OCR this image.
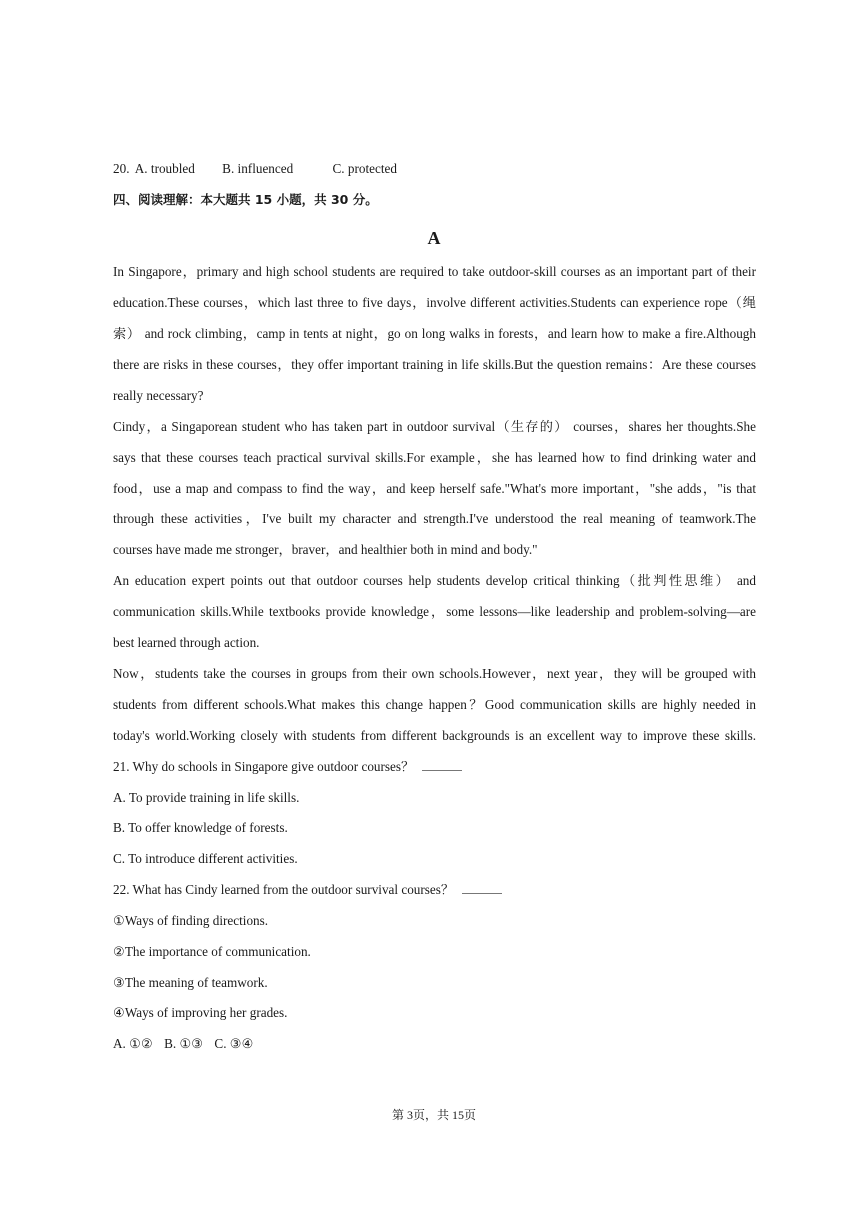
20. A. troubled B. influenced	C. protected
四、阅读理解：本大题共 15 小题，共 30 分。
A
In Singapore，primary and high school students are required to take outdoor-skill courses as an important part of their
education.These courses，which last three to five days，involve different activities.Students can experience rope（绳
索） and rock climbing，camp in tents at night，go on long walks in forests，and learn how to make a fire.Although
there are risks in these courses，they offer important training in life skills.But the question remains：Are these courses
really necessary?
Cindy，a Singaporean student who has taken part in outdoor survival（生存的） courses，shares her thoughts.She
says that these courses teach practical survival skills.For example，she has learned how to find drinking water and
food，use a map and compass to find the way，and keep herself safe."What's more important，"she adds，"is that
through these activities，I've built my character and strength.I've understood the real meaning of teamwork.The
courses have made me stronger，braver，and healthier both in mind and body."
An education expert points out that outdoor courses help students develop critical thinking（批判性思维） and
communication skills.While textbooks provide knowledge，some lessons—like leadership and problem-solving—are
best learned through action.
Now，students take the courses in groups from their own schools.However，next year，they will be grouped with
students from different schools.What makes this change happen？Good communication skills are highly needed in
today's world.Working closely with students from different backgrounds is an excellent way to improve these skills.
21. Why do schools in Singapore give outdoor courses？
A. To provide training in life skills.
B. To offer knowledge of forests.
C. To introduce different activities.
22. What has Cindy learned from the outdoor survival courses？
①Ways of finding directions.
②The importance of communication.
③The meaning of teamwork.
④Ways of improving her grades.
A. ①② B. ①③ C. ③④
第 3页，共 15页
